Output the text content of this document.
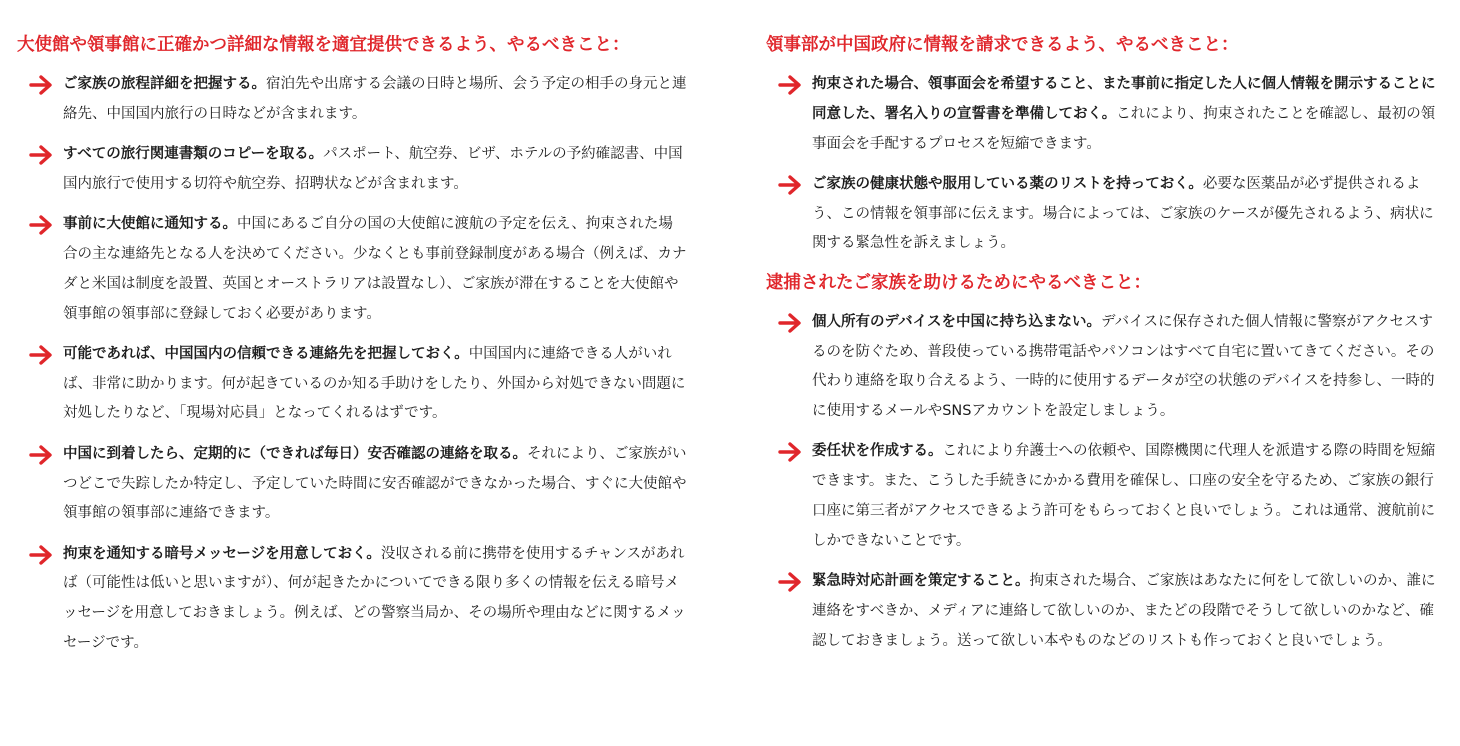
大使館や領事館に正確かつ詳細な情報を適宜提供できるよう、やるべきこと：
ご家族の旅程詳細を把握する。宿泊先や出席する会議の日時と場所、会う予定の相手の身元と連絡先、中国国内旅行の日時などが含まれます。
すべての旅行関連書類のコピーを取る。パスポート、航空券、ビザ、ホテルの予約確認書、中国国内旅行で使用する切符や航空券、招聘状などが含まれます。
事前に大使館に通知する。中国にあるご自分の国の大使館に渡航の予定を伝え、拘束された場合の主な連絡先となる人を決めてください。少なくとも事前登録制度がある場合（例えば、カナダと米国は制度を設置、英国とオーストラリアは設置なし）、ご家族が滞在することを大使館や領事館の領事部に登録しておく必要があります。
可能であれば、中国国内の信頼できる連絡先を把握しておく。中国国内に連絡できる人がいれば、非常に助かります。何が起きているのか知る手助けをしたり、外国から対処できない問題に対処したりなど、「現場対応員」となってくれるはずです。
中国に到着したら、定期的に（できれば毎日）安否確認の連絡を取る。それにより、ご家族がいつどこで失踪したか特定し、予定していた時間に安否確認ができなかった場合、すぐに大使館や領事館の領事部に連絡できます。
拘束を通知する暗号メッセージを用意しておく。没収される前に携帯を使用するチャンスがあれば（可能性は低いと思いますが）、何が起きたかについてできる限り多くの情報を伝える暗号メッセージを用意しておきましょう。例えば、どの警察当局か、その場所や理由などに関するメッセージです。
領事部が中国政府に情報を請求できるよう、やるべきこと：
拘束された場合、領事面会を希望すること、また事前に指定した人に個人情報を開示することに同意した、署名入りの宣誓書を準備しておく。これにより、拘束されたことを確認し、最初の領事面会を手配するプロセスを短縮できます。
ご家族の健康状態や服用している薬のリストを持っておく。必要な医薬品が必ず提供されるよう、この情報を領事部に伝えます。場合によっては、ご家族のケースが優先されるよう、病状に関する緊急性を訴えましょう。
逮捕されたご家族を助けるためにやるべきこと：
個人所有のデバイスを中国に持ち込まない。デバイスに保存された個人情報に警察がアクセスするのを防ぐため、普段使っている携帯電話やパソコンはすべて自宅に置いてきてください。その代わり連絡を取り合えるよう、一時的に使用するデータが空の状態のデバイスを持参し、一時的に使用するメールやSNSアカウントを設定しましょう。
委任状を作成する。これにより弁護士への依頼や、国際機関に代理人を派遣する際の時間を短縮できます。また、こうした手続きにかかる費用を確保し、口座の安全を守るため、ご家族の銀行口座に第三者がアクセスできるよう許可をもらっておくと良いでしょう。これは通常、渡航前にしかできないことです。
緊急時対応計画を策定すること。拘束された場合、ご家族はあなたに何をして欲しいのか、誰に連絡をすべきか、メディアに連絡して欲しいのか、またどの段階でそうして欲しいのかなど、確認しておきましょう。送って欲しい本やものなどのリストも作っておくと良いでしょう。
